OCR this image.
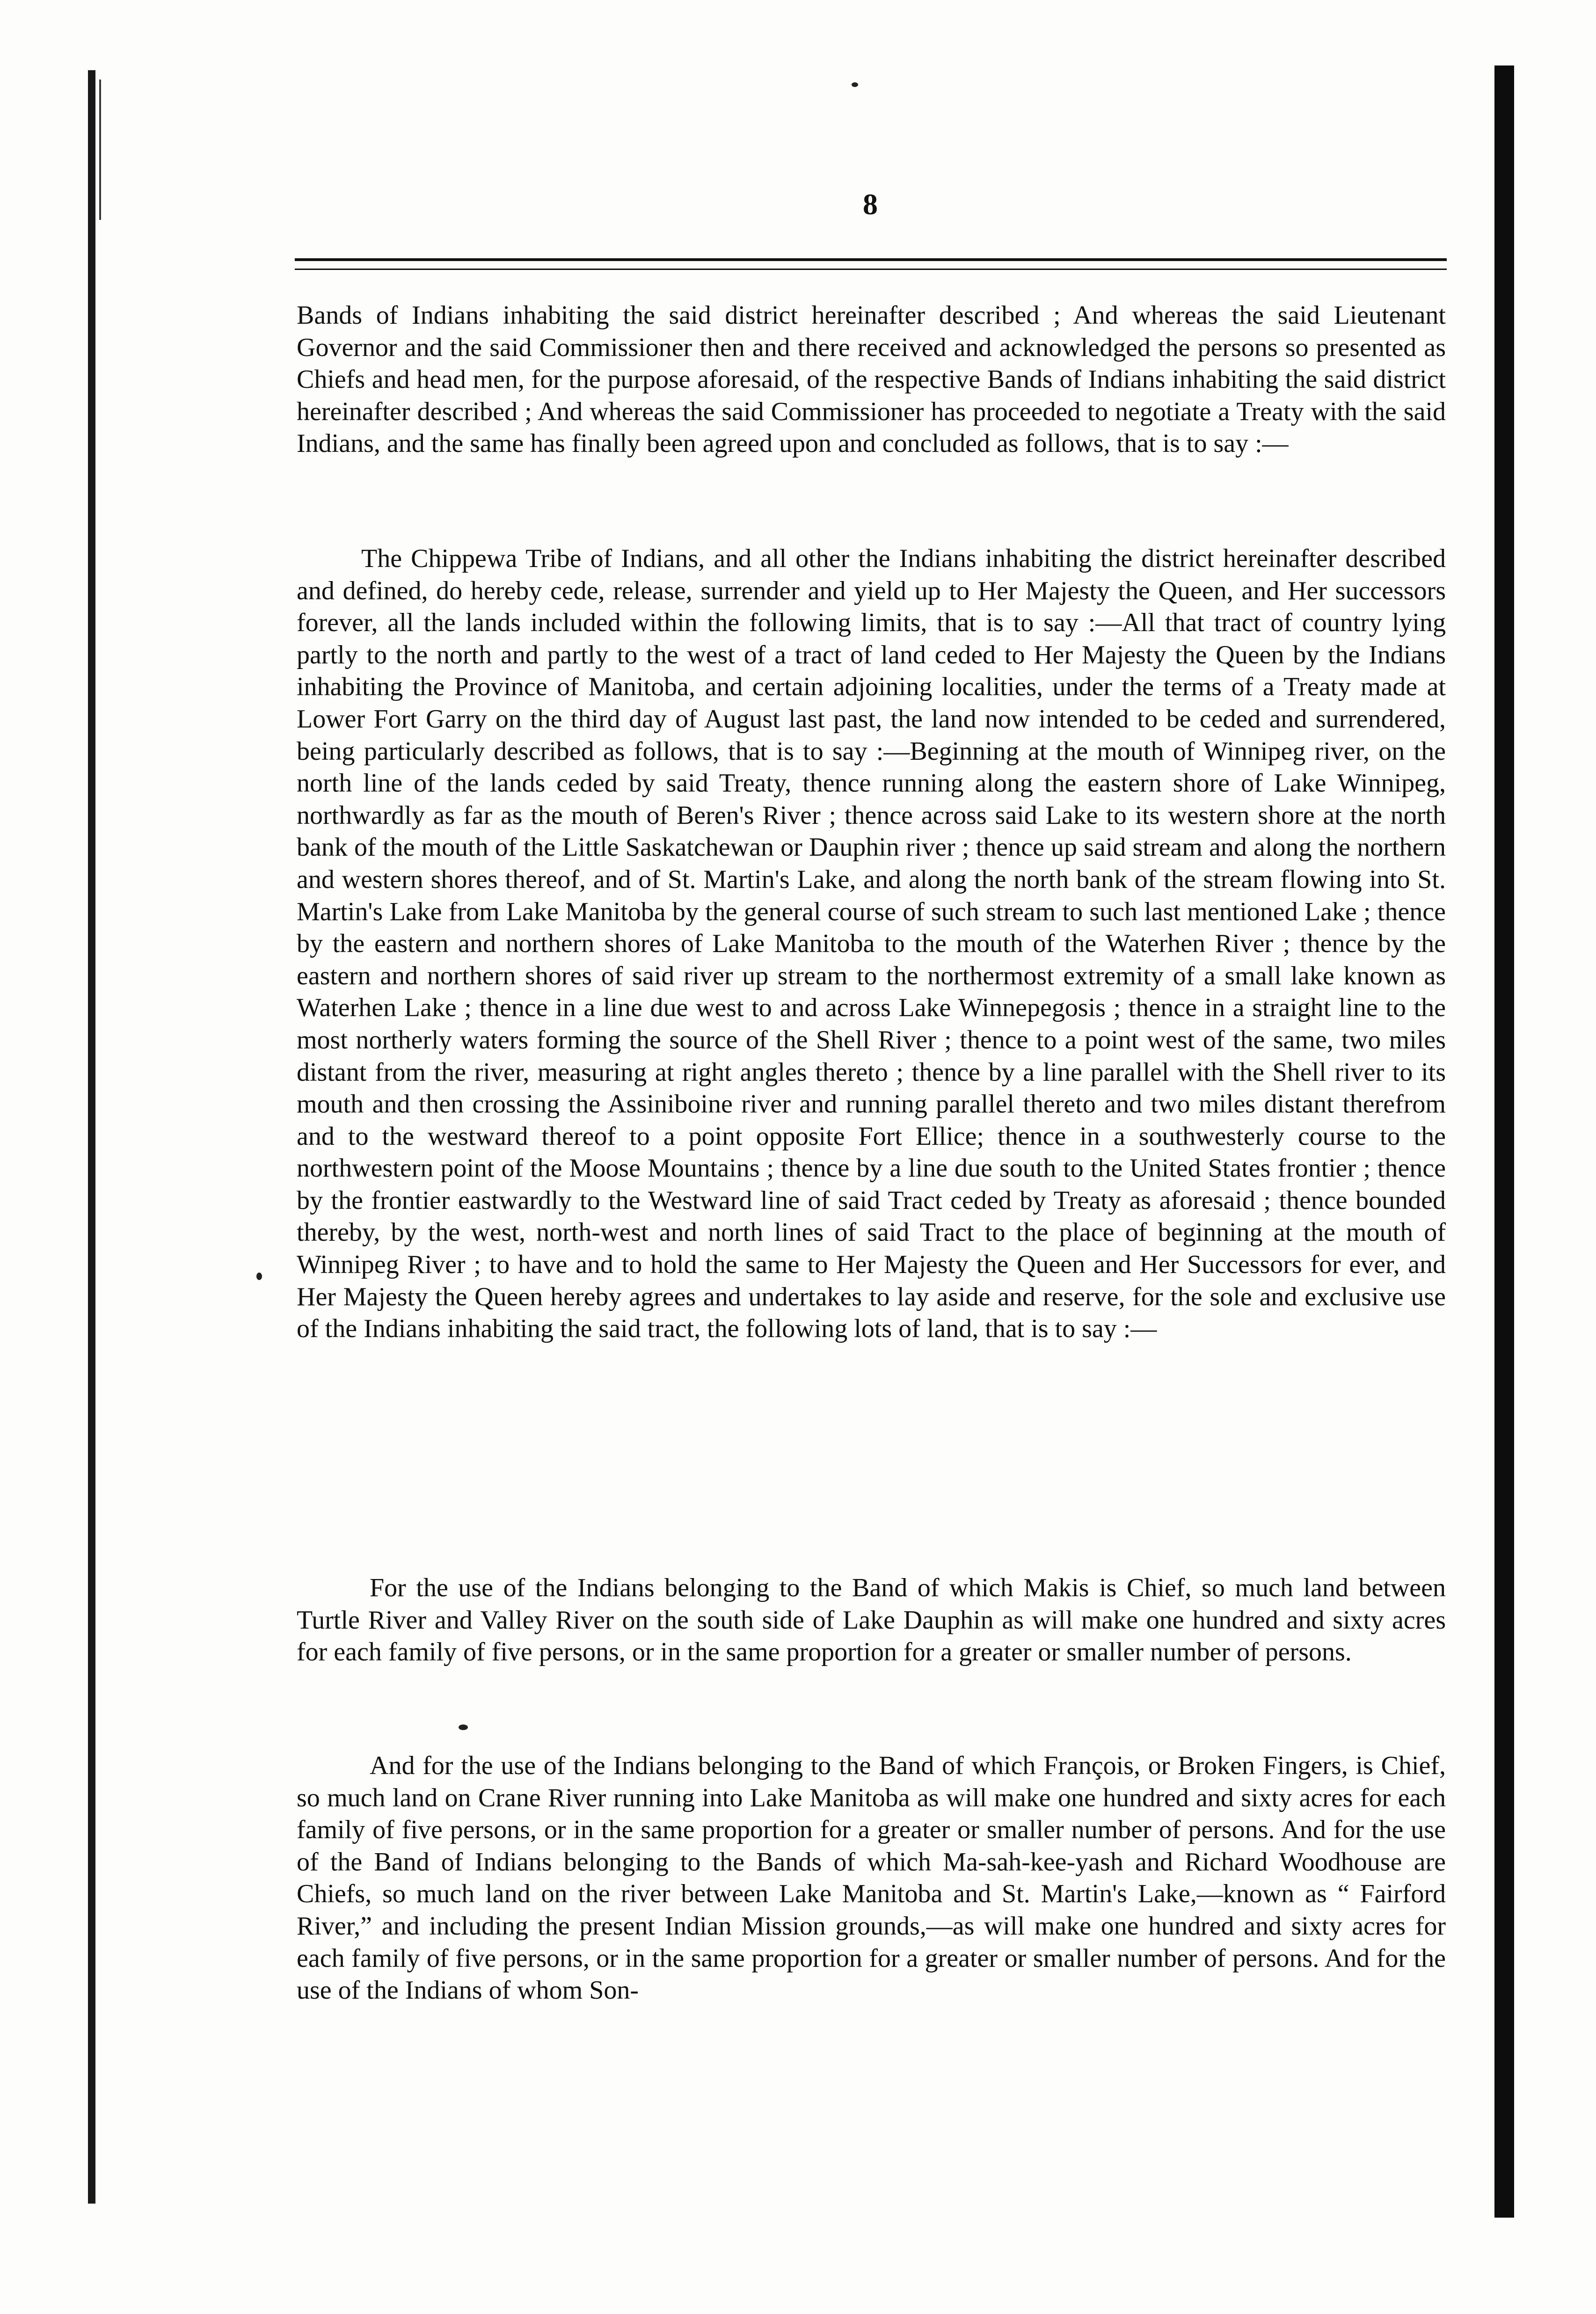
8

Bands of Indians inhabiting the said district hereinafter described ; And whereas the said Lieutenant Governor and the said Commissioner then and there received and acknowledged the persons so presented as Chiefs and head men, for the purpose aforesaid, of the respective Bands of Indians inhabiting the said district hereinafter described ; And whereas the said Commissioner has proceeded to negotiate a Treaty with the said Indians, and the same has finally been agreed upon and concluded as follows, that is to say :—

The Chippewa Tribe of Indians, and all other the Indians inhabiting the district hereinafter described and defined, do hereby cede, release, surrender and yield up to Her Majesty the Queen, and Her successors forever, all the lands included within the following limits, that is to say :—All that tract of country lying partly to the north and partly to the west of a tract of land ceded to Her Majesty the Queen by the Indians inhabiting the Province of Manitoba, and certain adjoining localities, under the terms of a Treaty made at Lower Fort Garry on the third day of August last past, the land now intended to be ceded and surrendered, being particularly described as follows, that is to say :—Beginning at the mouth of Winnipeg river, on the north line of the lands ceded by said Treaty, thence running along the eastern shore of Lake Winnipeg, northwardly as far as the mouth of Beren's River ; thence across said Lake to its western shore at the north bank of the mouth of the Little Saskatchewan or Dauphin river ; thence up said stream and along the northern and western shores thereof, and of St. Martin's Lake, and along the north bank of the stream flowing into St. Martin's Lake from Lake Manitoba by the general course of such stream to such last mentioned Lake ; thence by the eastern and northern shores of Lake Manitoba to the mouth of the Waterhen River ; thence by the eastern and northern shores of said river up stream to the northermost extremity of a small lake known as Waterhen Lake ; thence in a line due west to and across Lake Winnepegosis ; thence in a straight line to the most northerly waters forming the source of the Shell River ; thence to a point west of the same, two miles distant from the river, measuring at right angles thereto ; thence by a line parallel with the Shell river to its mouth and then crossing the Assiniboine river and running parallel thereto and two miles distant therefrom and to the westward thereof to a point opposite Fort Ellice; thence in a southwesterly course to the northwestern point of the Moose Mountains ; thence by a line due south to the United States frontier ; thence by the frontier eastwardly to the Westward line of said Tract ceded by Treaty as aforesaid ; thence bounded thereby, by the west, north-west and north lines of said Tract to the place of beginning at the mouth of Winnipeg River ; to have and to hold the same to Her Majesty the Queen and Her Successors for ever, and Her Majesty the Queen hereby agrees and undertakes to lay aside and reserve, for the sole and exclusive use of the Indians inhabiting the said tract, the following lots of land, that is to say :—

For the use of the Indians belonging to the Band of which Makis is Chief, so much land between Turtle River and Valley River on the south side of Lake Dauphin as will make one hundred and sixty acres for each family of five persons, or in the same proportion for a greater or smaller number of persons.

And for the use of the Indians belonging to the Band of which François, or Broken Fingers, is Chief, so much land on Crane River running into Lake Manitoba as will make one hundred and sixty acres for each family of five persons, or in the same proportion for a greater or smaller number of persons. And for the use of the Band of Indians belonging to the Bands of which Ma-sah-kee-yash and Richard Woodhouse are Chiefs, so much land on the river between Lake Manitoba and St. Martin's Lake,—known as “ Fairford River,” and including the present Indian Mission grounds,—as will make one hundred and sixty acres for each family of five persons, or in the same proportion for a greater or smaller number of persons. And for the use of the Indians of whom Son-
